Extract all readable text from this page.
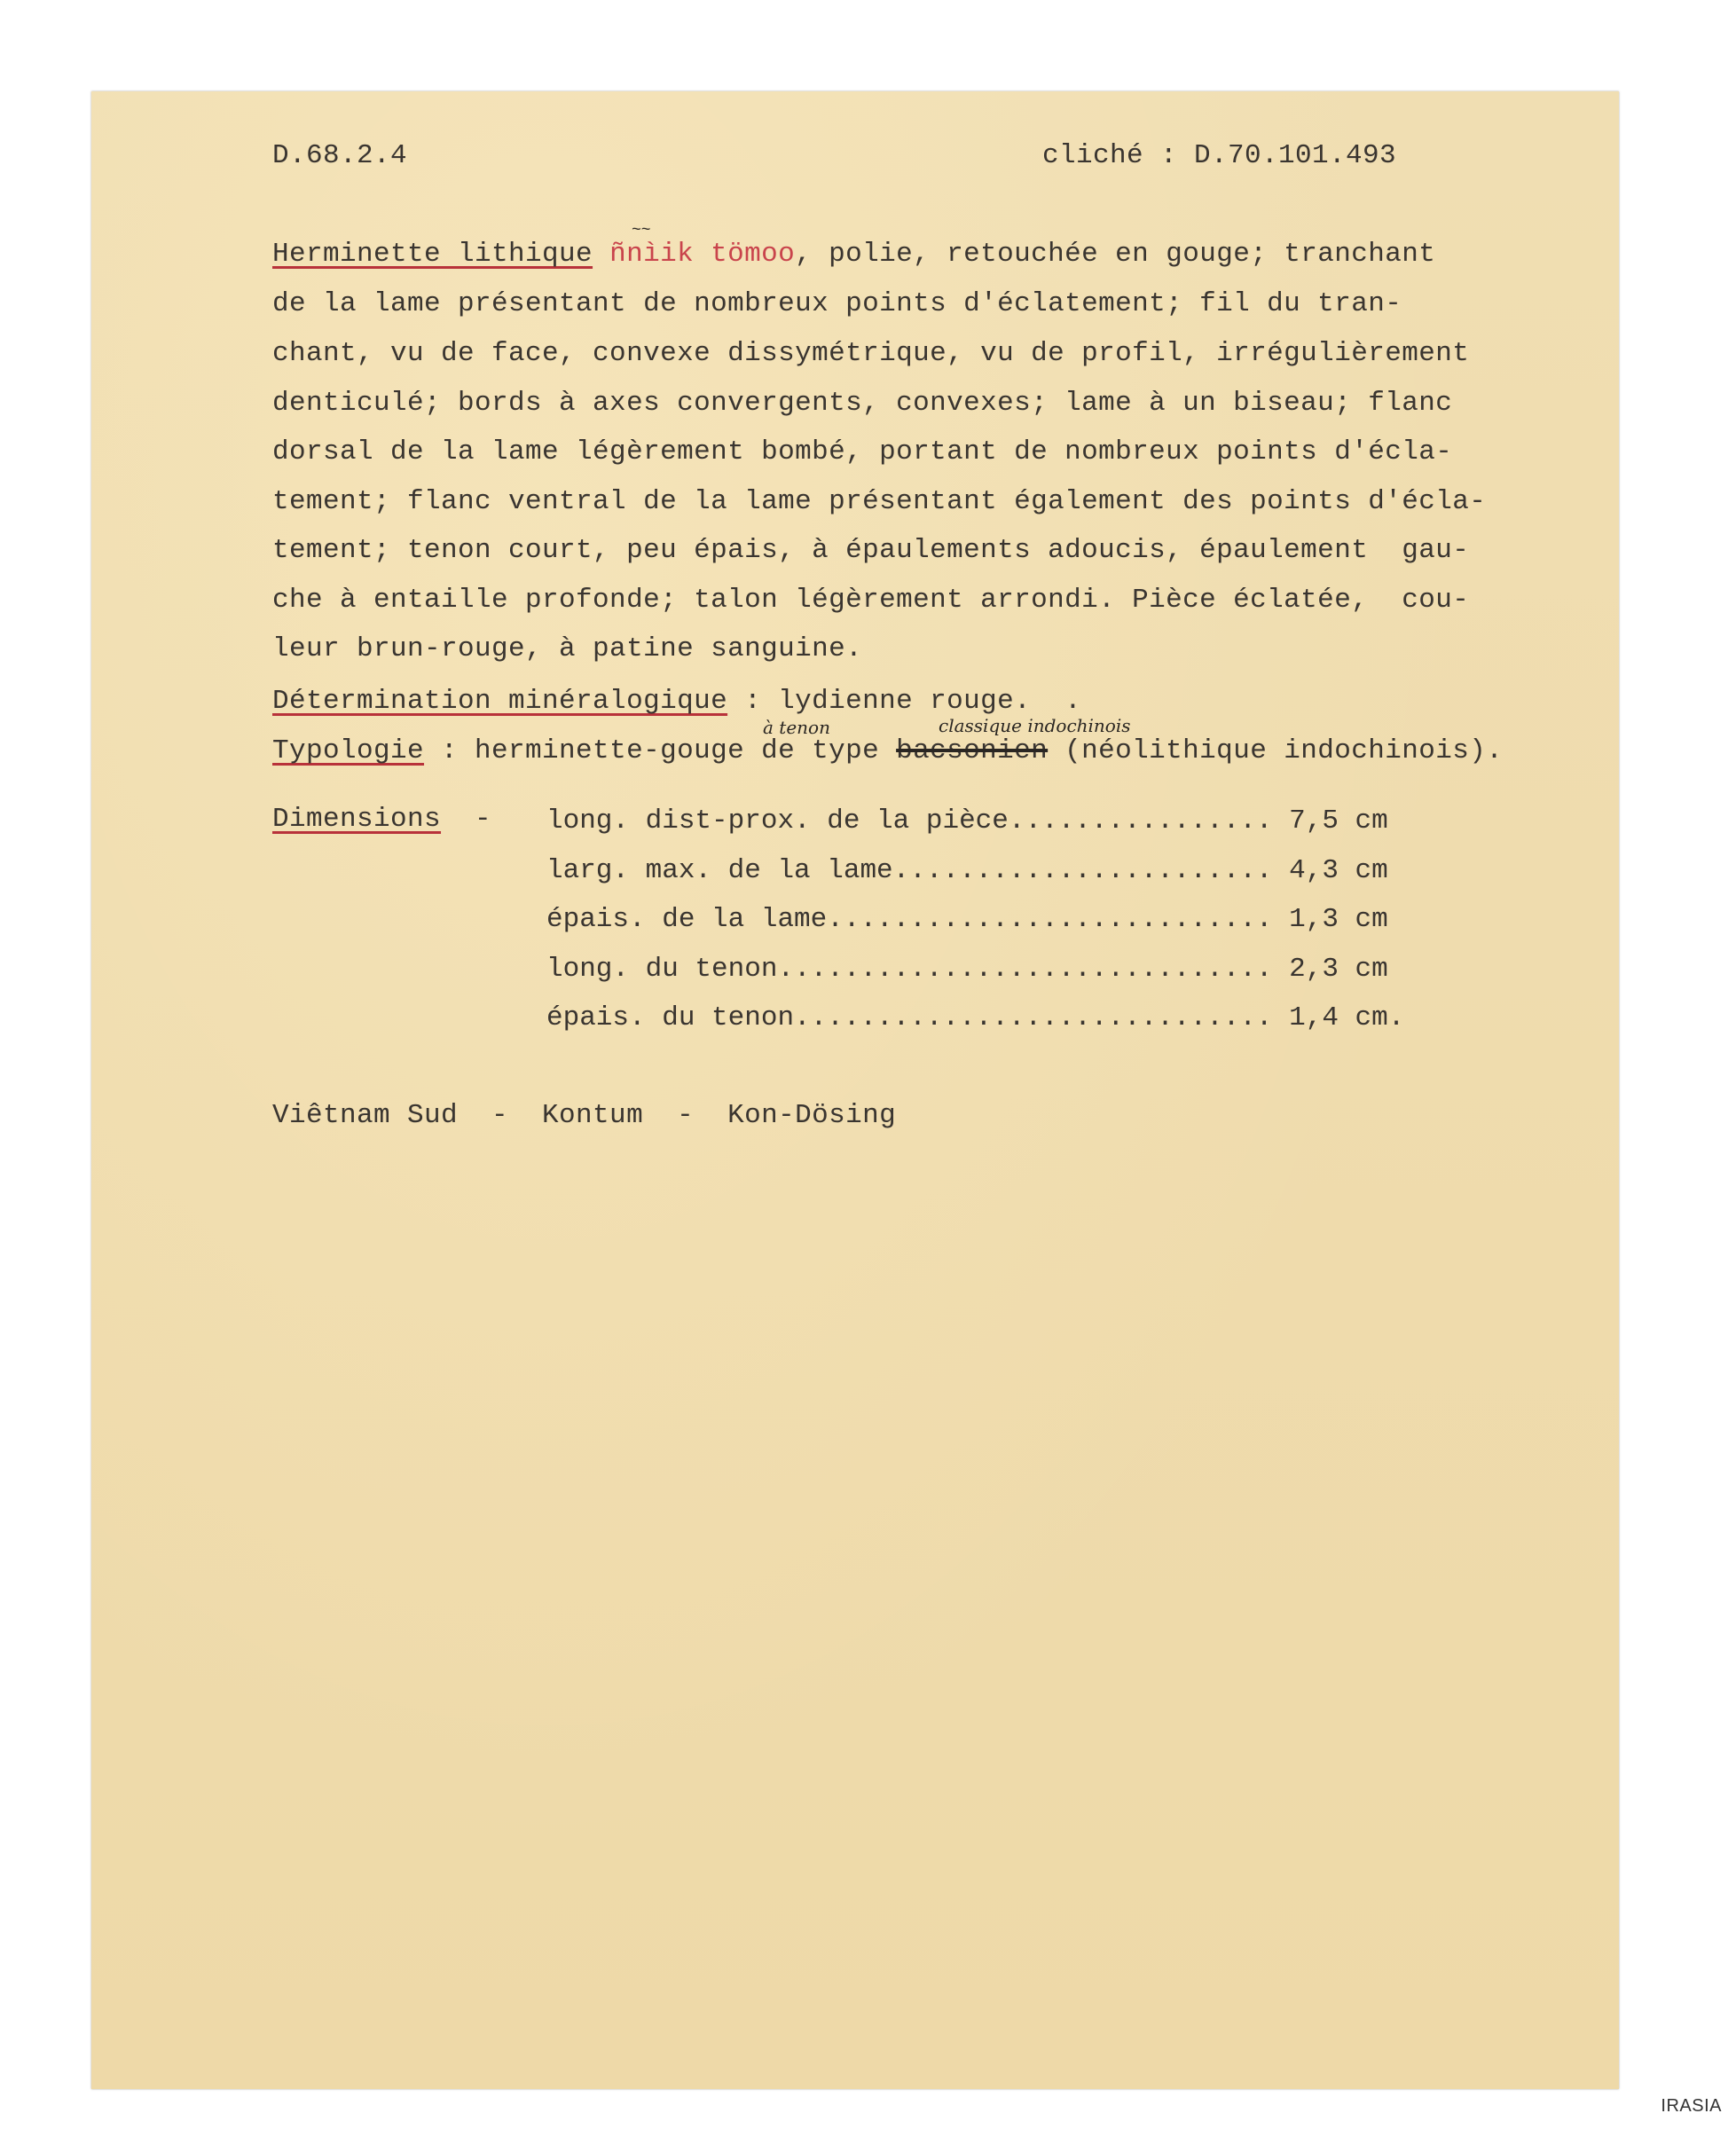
D.68.2.4	cliché : D.70.101.493
Herminette lithique ñnìik tömoo, polie, retouchée en gouge; tranchant
~~
de la lame présentant de nombreux points d'éclatement; fil du tran-
chant, vu de face, convexe dissymétrique, vu de profil, irrégulièrement
denticulé; bords à axes convergents, convexes; lame à un biseau; flanc
dorsal de la lame légèrement bombé, portant de nombreux points d'écla-
tement; flanc ventral de la lame présentant également des points d'écla-
tement; tenon court, peu épais, à épaulements adoucis, épaulement  gau-
che à entaille profonde; talon légèrement arrondi. Pièce éclatée,  cou-
leur brun-rouge, à patine sanguine.
Détermination minéralogique : lydienne rouge.  .
à tenon	classique indochinois
Typologie : herminette-gouge de type bacsonien (néolithique indochinois).
Dimensions  - long. dist-prox. de la pièce................ 7,5 cm
larg. max. de la lame....................... 4,3 cm
épais. de la lame........................... 1,3 cm
long. du tenon.............................. 2,3 cm
épais. du tenon............................. 1,4 cm.
Viêtnam Sud  -  Kontum  -  Kon-Dösing
IRASIA
